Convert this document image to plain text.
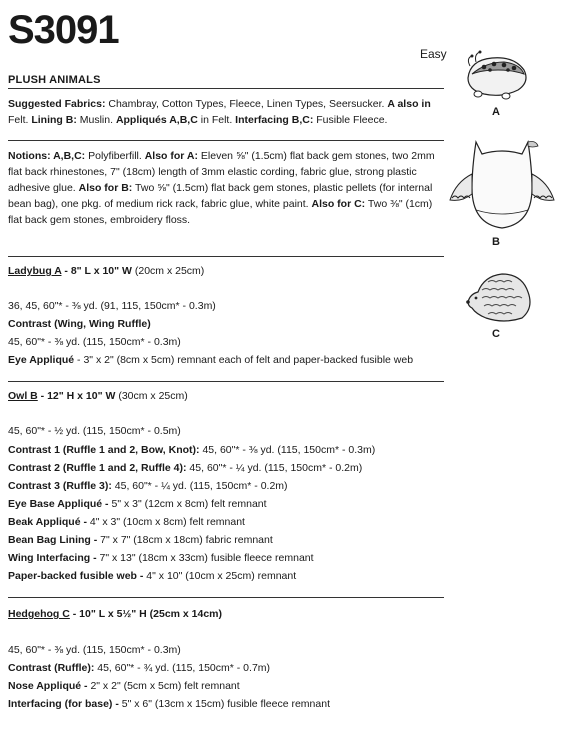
S3091
Easy
PLUSH ANIMALS
Suggested Fabrics: Chambray, Cotton Types, Fleece, Linen Types, Seersucker. A also in Felt. Lining B: Muslin. Appliqués A,B,C in Felt. Interfacing B,C: Fusible Fleece.
Notions: A,B,C: Polyfiberfill. Also for A: Eleven ⅝" (1.5cm) flat back gem stones, two 2mm flat back rhinestones, 7" (18cm) length of 3mm elastic cording, fabric glue, strong plastic adhesive glue. Also for B: Two ⅝" (1.5cm) flat back gem stones, plastic pellets (for internal bean bag), one pkg. of medium rick rack, fabric glue, white paint. Also for C: Two ⅜" (1cm) flat back gem stones, embroidery floss.
Ladybug A - 8" L x 10" W (20cm x 25cm)
36, 45, 60"* - ⅜ yd. (91, 115, 150cm* - 0.3m)
Contrast (Wing, Wing Ruffle)
45, 60"* - ⅜ yd. (115, 150cm* - 0.3m)
Eye Appliqué - 3" x 2" (8cm x 5cm) remnant each of felt and paper-backed fusible web
Owl B - 12" H x 10" W (30cm x 25cm)
45, 60"* - ½ yd. (115, 150cm* - 0.5m)
Contrast 1 (Ruffle 1 and 2, Bow, Knot): 45, 60"* - ⅜ yd. (115, 150cm* - 0.3m)
Contrast 2 (Ruffle 1 and 2, Ruffle 4): 45, 60"* - ¼ yd. (115, 150cm* - 0.2m)
Contrast 3 (Ruffle 3): 45, 60"* - ¼ yd. (115, 150cm* - 0.2m)
Eye Base Appliqué - 5" x 3" (12cm x 8cm) felt remnant
Beak Appliqué - 4" x 3" (10cm x 8cm) felt remnant
Bean Bag Lining - 7" x 7" (18cm x 18cm) fabric remnant
Wing Interfacing - 7" x 13" (18cm x 33cm) fusible fleece remnant
Paper-backed fusible web - 4" x 10" (10cm x 25cm) remnant
Hedgehog C - 10" L x 5½" H (25cm x 14cm)
45, 60"* - ⅜ yd. (115, 150cm* - 0.3m)
Contrast (Ruffle): 45, 60"* - ¾ yd. (115, 150cm* - 0.7m)
Nose Appliqué - 2" x 2" (5cm x 5cm) felt remnant
Interfacing (for base) - 5" x 6" (13cm x 15cm) fusible fleece remnant
A
B
C
